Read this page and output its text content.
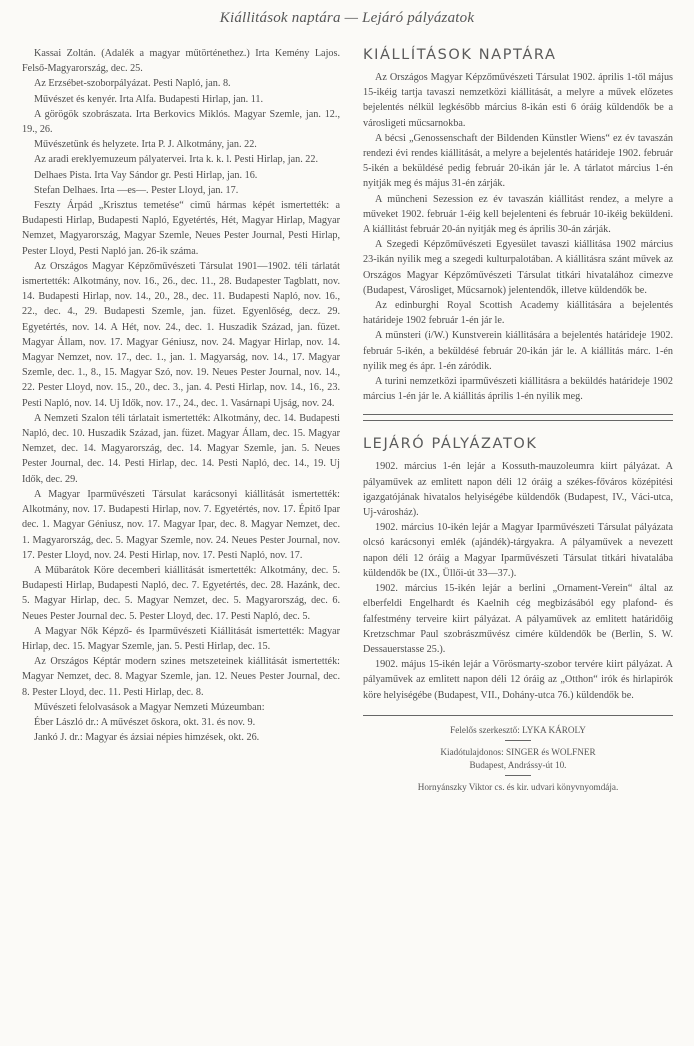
Kiállitások naptára — Lejáró pályázatok

Kassai Zoltán. (Adalék a magyar műtörténethez.) Irta Kemény Lajos. Felső-Magyarország, dec. 25.

Az Erzsébet-szoborpályázat. Pesti Napló, jan. 8.

Művészet és kenyér. Irta Alfa. Budapesti Hirlap, jan. 11.

A görögök szobrászata. Irta Berkovics Miklós. Magyar Szemle, jan. 12., 19., 26.

Művészetünk és helyzete. Irta P. J. Alkotmány, jan. 22.

Az aradi ereklyemuzeum pályatervei. Irta k. k. l. Pesti Hirlap, jan. 22.

Delhaes Pista. Irta Vay Sándor gr. Pesti Hirlap, jan. 16.

Stefan Delhaes. Irta —es—. Pester Lloyd, jan. 17.

Feszty Árpád „Krisztus temetése“ cimű hármas képét ismertették: a Budapesti Hirlap, Budapesti Napló, Egyetértés, Hét, Magyar Hirlap, Magyar Nemzet, Magyarország, Magyar Szemle, Neues Pester Journal, Pesti Hirlap, Pester Lloyd, Pesti Napló jan. 26-ik száma.

Az Országos Magyar Képzőművészeti Társulat 1901—1902. téli tárlatát ismertették: Alkotmány, nov. 16., 26., dec. 11., 28. Budapester Tagblatt, nov. 14. Budapesti Hirlap, nov. 14., 20., 28., dec. 11. Budapesti Napló, nov. 16., 22., dec. 4., 29. Budapesti Szemle, jan. füzet. Egyenlőség, decz. 29. Egyetértés, nov. 14. A Hét, nov. 24., dec. 1. Huszadik Század, jan. füzet. Magyar Állam, nov. 17. Magyar Géniusz, nov. 24. Magyar Hirlap, nov. 14. Magyar Nemzet, nov. 17., dec. 1., jan. 1. Magyarság, nov. 14., 17. Magyar Szemle, dec. 1., 8., 15. Magyar Szó, nov. 19. Neues Pester Journal, nov. 14., 22. Pester Lloyd, nov. 15., 20., dec. 3., jan. 4. Pesti Hirlap, nov. 14., 16., 23. Pesti Napló, nov. 14. Uj Idők, nov. 17., 24., dec. 1. Vasárnapi Ujság, nov. 24.

A Nemzeti Szalon téli tárlatait ismertették: Alkotmány, dec. 14. Budapesti Napló, dec. 10. Huszadik Század, jan. füzet. Magyar Állam, dec. 15. Magyar Nemzet, dec. 14. Magyarország, dec. 14. Magyar Szemle, jan. 5. Neues Pester Journal, dec. 14. Pesti Hirlap, dec. 14. Pesti Napló, dec. 14., 19. Uj Idők, dec. 29.

A Magyar Iparművészeti Társulat karácsonyi kiállitását ismertették: Alkotmány, nov. 17. Budapesti Hirlap, nov. 7. Egyetértés, nov. 17. Épitő Ipar dec. 1. Magyar Géniusz, nov. 17. Magyar Ipar, dec. 8. Magyar Nemzet, dec. 1. Magyarország, dec. 5. Magyar Szemle, nov. 24. Neues Pester Journal, nov. 17. Pester Lloyd, nov. 24. Pesti Hirlap, nov. 17. Pesti Napló, nov. 17.

A Műbarátok Köre decemberi kiállitását ismertették: Alkotmány, dec. 5. Budapesti Hirlap, Budapesti Napló, dec. 7. Egyetértés, dec. 28. Hazánk, dec. 5. Magyar Hirlap, dec. 5. Magyar Nemzet, dec. 5. Magyarország, dec. 6. Neues Pester Journal dec. 5. Pester Lloyd, dec. 17. Pesti Napló, dec. 5.

A Magyar Nők Képző- és Iparművészeti Kiállitását ismertették: Magyar Hirlap, dec. 15. Magyar Szemle, jan. 5. Pesti Hirlap, dec. 15.

Az Országos Képtár modern szines metszeteinek kiállitását ismertették: Magyar Nemzet, dec. 8. Magyar Szemle, jan. 12. Neues Pester Journal, dec. 8. Pester Lloyd, dec. 11. Pesti Hirlap, dec. 8.

Művészeti felolvasások a Magyar Nemzeti Múzeumban:

Éber László dr.: A művészet őskora, okt. 31. és nov. 9.

Jankó J. dr.: Magyar és ázsiai népies himzések, okt. 26.

KIÁLLÍTÁSOK NAPTÁRA

Az Országos Magyar Képzőművészeti Társulat 1902. április 1-től május 15-ikéig tartja tavaszi nemzetközi kiállitását, a melyre a művek előzetes bejelentés nélkül legkésőbb március 8-ikán esti 6 óráig küldendők be a városligeti műcsarnokba.

A bécsi „Genossenschaft der Bildenden Künstler Wiens“ ez év tavaszán rendezi évi rendes kiállitását, a melyre a bejelentés határideje 1902. február 5-ikén a beküldésé pedig február 20-ikán jár le. A tárlatot március 1-én nyitják meg és május 31-én zárják.

A müncheni Sezession ez év tavaszán kiállitást rendez, a melyre a műveket 1902. február 1-éig kell bejelenteni és február 10-ikéig beküldeni. A kiállitást február 20-án nyitják meg és április 30-án zárják.

A Szegedi Képzőművészeti Egyesület tavaszi kiállitása 1902 március 23-ikán nyilik meg a szegedi kulturpalotában. A kiállitásra szánt művek az Országos Magyar Képzőművészeti Társulat titkári hivatalához cimezve (Budapest, Városliget, Műcsarnok) jelentendők, illetve küldendők be.

Az edinburghi Royal Scottish Academy kiállitására a bejelentés határideje 1902 február 1-én jár le.

A münsteri (i/W.) Kunstverein kiállitására a bejelentés határideje 1902. február 5-ikén, a beküldésé február 20-ikán jár le. A kiállitás márc. 1-én nyilik meg és ápr. 1-én záródik.

A turini nemzetközi iparművészeti kiállitásra a beküldés határideje 1902 március 1-én jár le. A kiállitás április 1-én nyilik meg.

LEJÁRÓ PÁLYÁZATOK

1902. március 1-én lejár a Kossuth-mauzoleumra kiirt pályázat. A pályaművek az emlitett napon déli 12 óráig a székes-főváros középitési igazgatójának hivatalos helyiségébe küldendők (Budapest, IV., Váci-utca, Uj-városház).

1902. március 10-ikén lejár a Magyar Iparművészeti Társulat pályázata olcsó karácsonyi emlék (ajándék)-tárgyakra. A pályaművek a nevezett napon déli 12 óráig a Magyar Iparművészeti Társulat titkári hivatalába küldendők be (IX., Üllői-út 33—37.).

1902. március 15-ikén lejár a berlini „Ornament-Verein“ által az elberfeldi Engelhardt és Kaelnih cég megbizásából egy plafond- és falfestmény terveire kiirt pályázat. A pályaművek az emlitett határidőig Kretzschmar Paul szobrászművész cimére küldendők be (Berlin, S. W. Dessauerstasse 25.).

1902. május 15-ikén lejár a Vörösmarty-szobor tervére kiirt pályázat. A pályaművek az emlitett napon déli 12 óráig az „Otthon“ irók és hirlapirók köre helyiségébe (Budapest, VII., Dohány-utca 76.) küldendők be.

Felelős szerkesztő: LYKA KÁROLY

Kiadótulajdonos: SINGER és WOLFNER

Budapest, Andrássy-út 10.

Hornyánszky Viktor cs. és kir. udvari könyvnyomdája.
